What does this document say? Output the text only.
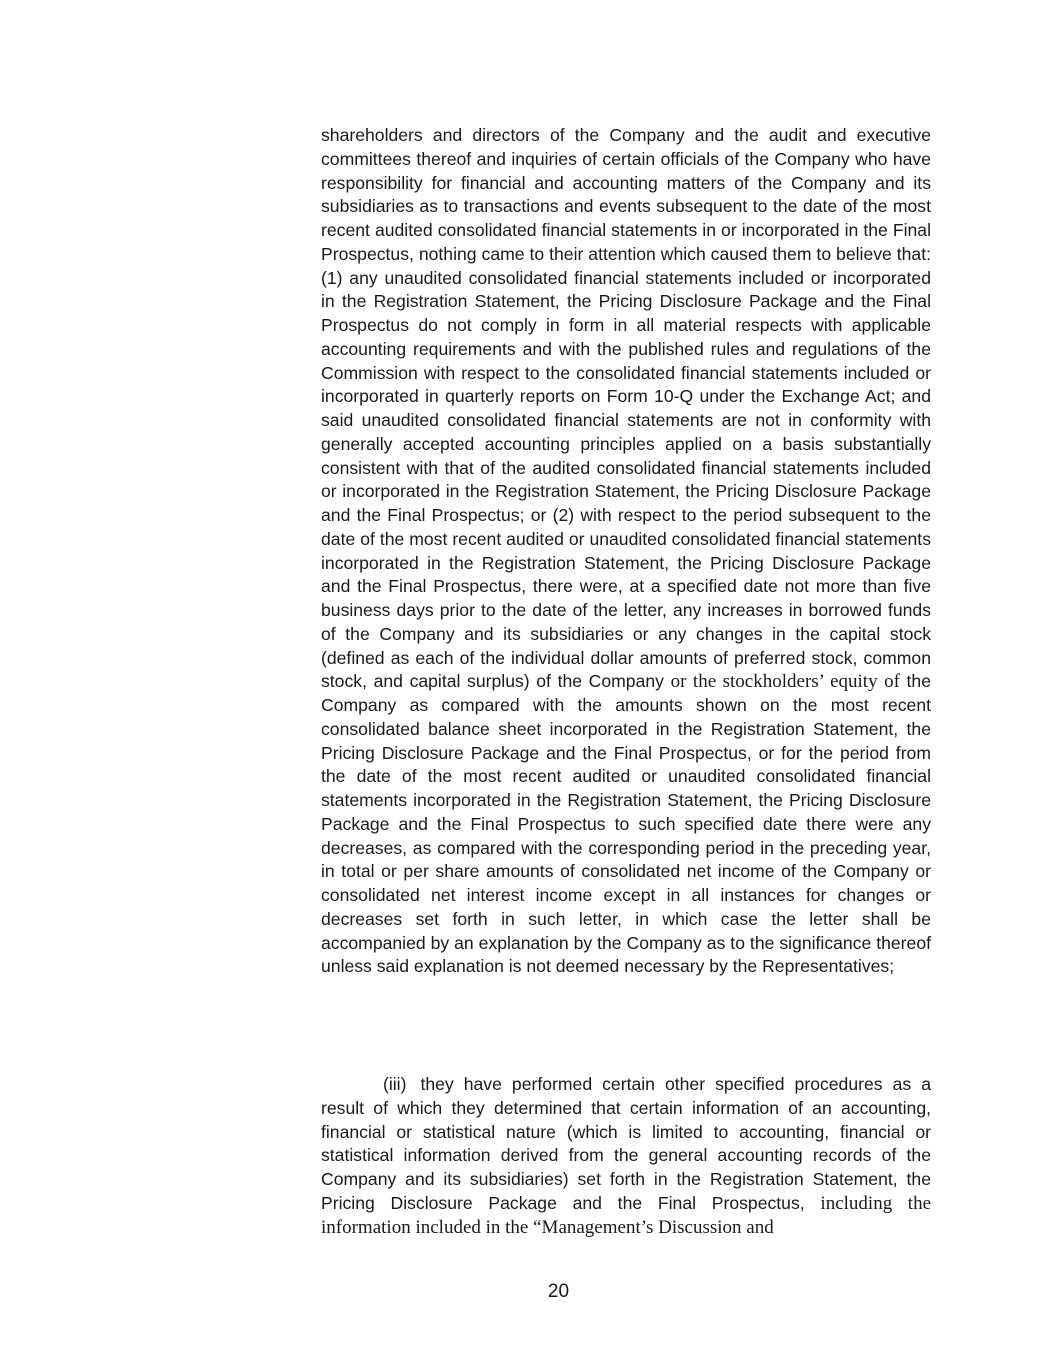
shareholders and directors of the Company and the audit and executive committees thereof and inquiries of certain officials of the Company who have responsibility for financial and accounting matters of the Company and its subsidiaries as to transactions and events subsequent to the date of the most recent audited consolidated financial statements in or incorporated in the Final Prospectus, nothing came to their attention which caused them to believe that: (1) any unaudited consolidated financial statements included or incorporated in the Registration Statement, the Pricing Disclosure Package and the Final Prospectus do not comply in form in all material respects with applicable accounting requirements and with the published rules and regulations of the Commission with respect to the consolidated financial statements included or incorporated in quarterly reports on Form 10-Q under the Exchange Act; and said unaudited consolidated financial statements are not in conformity with generally accepted accounting principles applied on a basis substantially consistent with that of the audited consolidated financial statements included or incorporated in the Registration Statement, the Pricing Disclosure Package and the Final Prospectus; or (2) with respect to the period subsequent to the date of the most recent audited or unaudited consolidated financial statements incorporated in the Registration Statement, the Pricing Disclosure Package and the Final Prospectus, there were, at a specified date not more than five business days prior to the date of the letter, any increases in borrowed funds of the Company and its subsidiaries or any changes in the capital stock (defined as each of the individual dollar amounts of preferred stock, common stock, and capital surplus) of the Company or the stockholders’ equity of the Company as compared with the amounts shown on the most recent consolidated balance sheet incorporated in the Registration Statement, the Pricing Disclosure Package and the Final Prospectus, or for the period from the date of the most recent audited or unaudited consolidated financial statements incorporated in the Registration Statement, the Pricing Disclosure Package and the Final Prospectus to such specified date there were any decreases, as compared with the corresponding period in the preceding year, in total or per share amounts of consolidated net income of the Company or consolidated net interest income except in all instances for changes or decreases set forth in such letter, in which case the letter shall be accompanied by an explanation by the Company as to the significance thereof unless said explanation is not deemed necessary by the Representatives;

(iii) they have performed certain other specified procedures as a result of which they determined that certain information of an accounting, financial or statistical nature (which is limited to accounting, financial or statistical information derived from the general accounting records of the Company and its subsidiaries) set forth in the Registration Statement, the Pricing Disclosure Package and the Final Prospectus, including the information included in the “Management’s Discussion and

20
